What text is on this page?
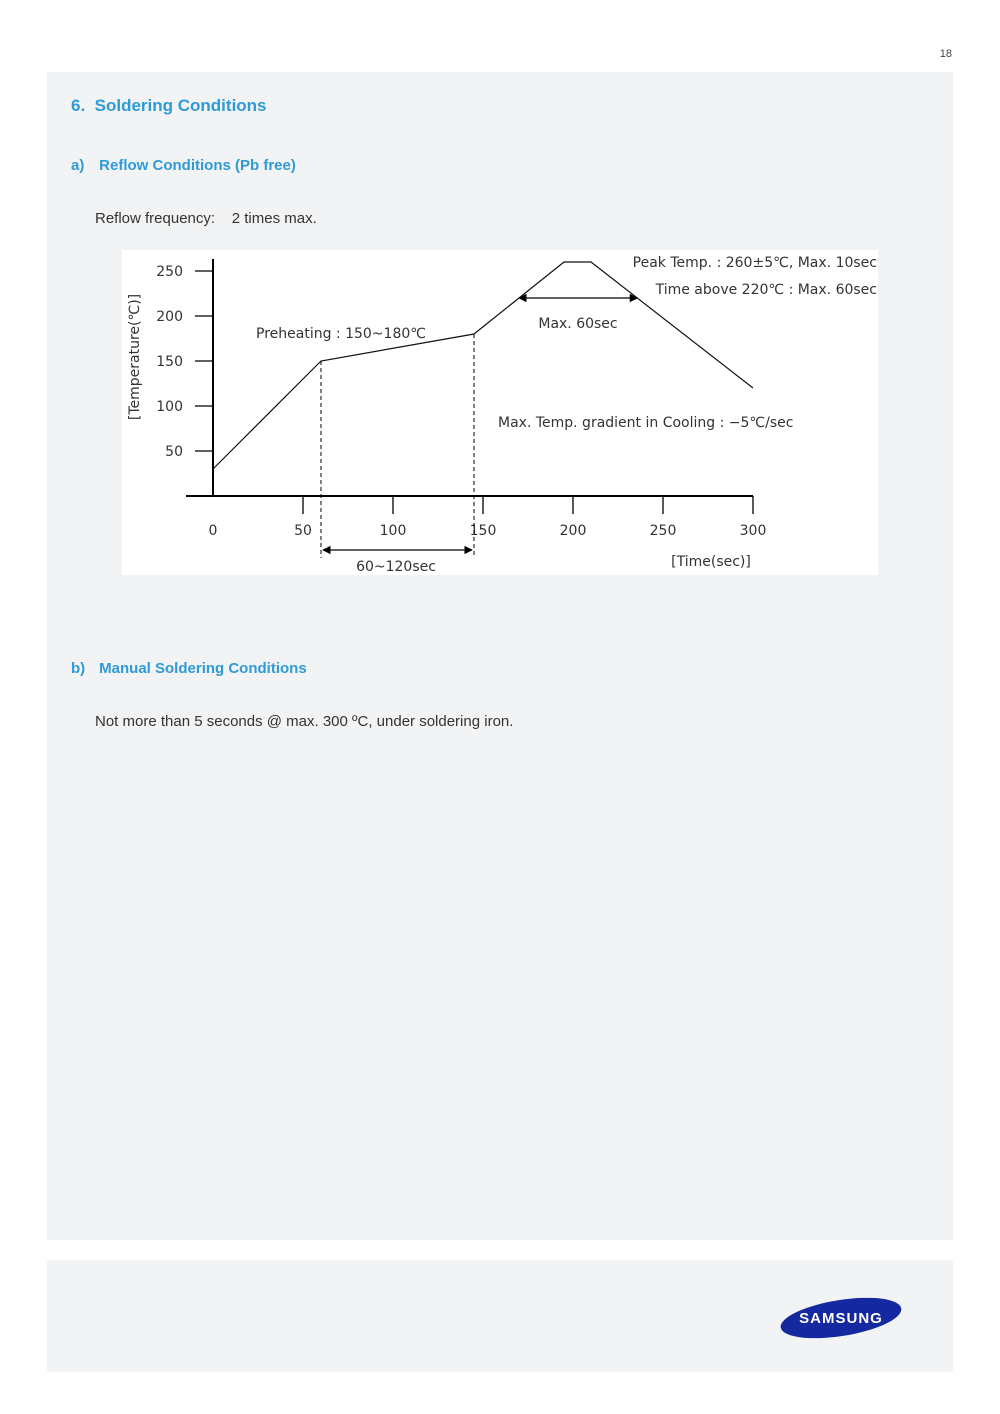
18
6. Soldering Conditions
a) Reflow Conditions (Pb free)
Reflow frequency: 2 times max.
50
100
150
200
250
0	50	100	150	200	250	300
[Temperature(℃)]
[Time(sec)]
Peak Temp. : 260±5℃, Max. 10sec
Time above 220℃ : Max. 60sec
Max. 60sec
Preheating : 150~180℃
Max. Temp. gradient in Cooling : −5℃/sec
60~120sec
b) Manual Soldering Conditions
Not more than 5 seconds @ max. 300 ºC, under soldering iron.
SAMSUNG
